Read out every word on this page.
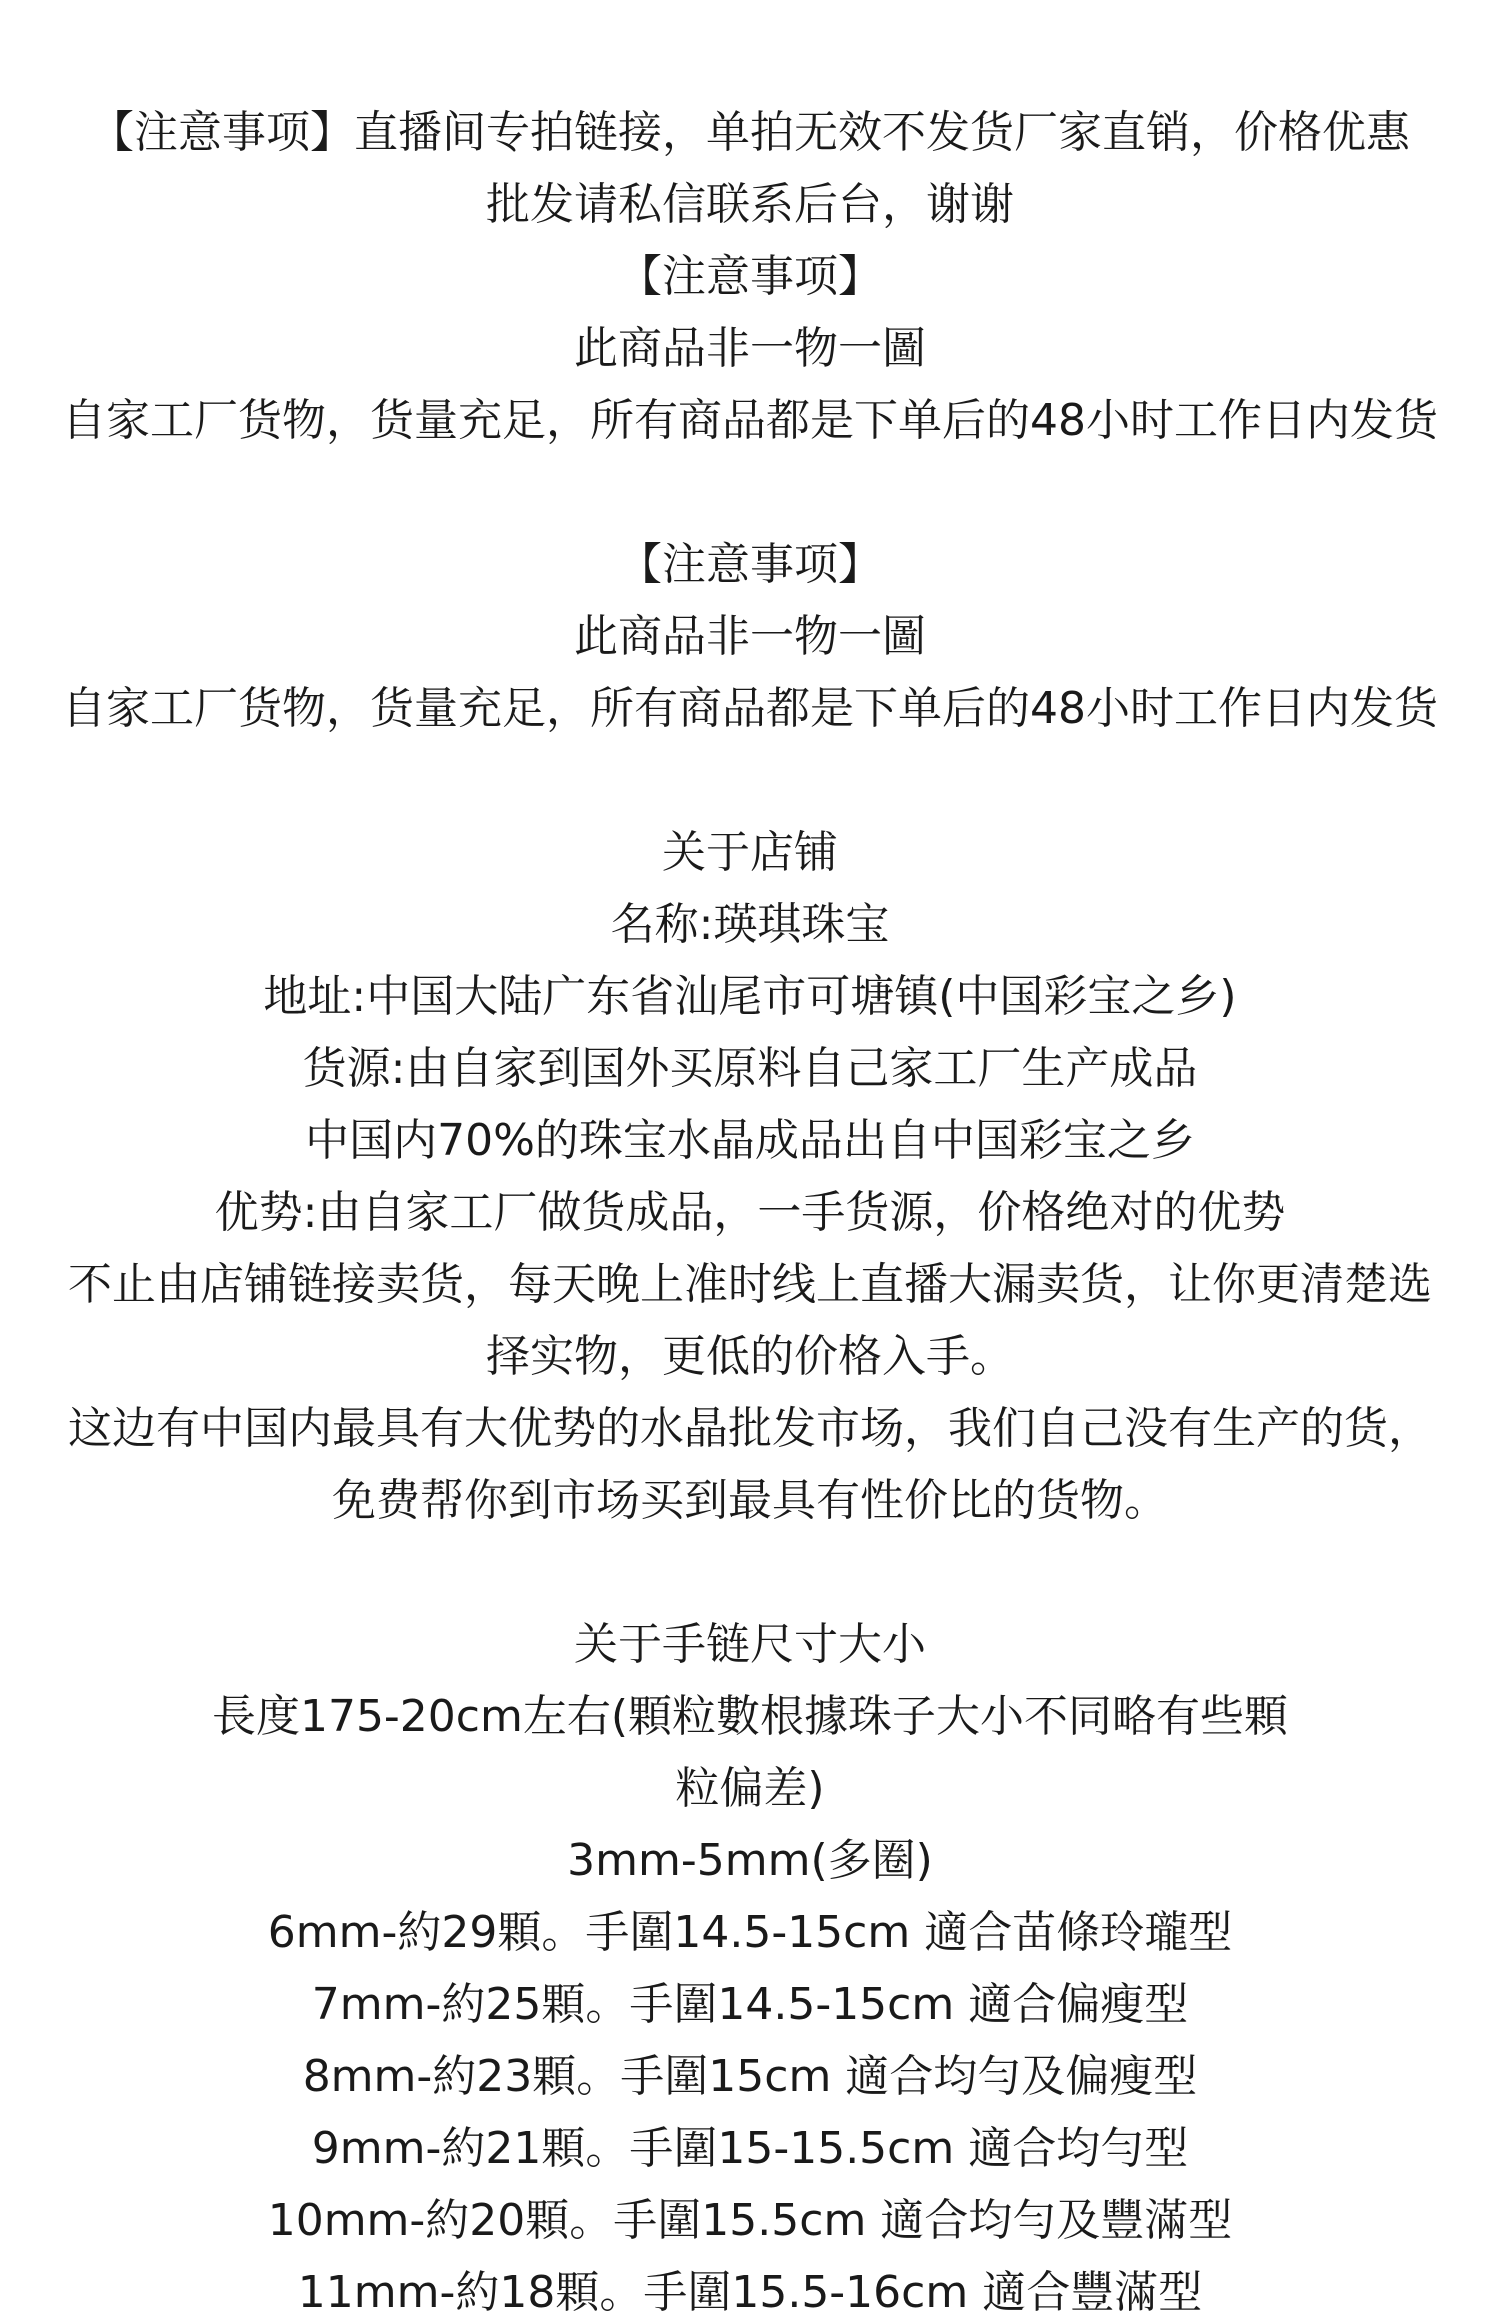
【注意事项】直播间专拍链接，单拍无效不发货厂家直销，价格优惠
批发请私信联系后台，谢谢
【注意事项】
此商品非一物一圖
自家工厂货物，货量充足，所有商品都是下单后的48小时工作日内发货
【注意事项】
此商品非一物一圖
自家工厂货物，货量充足，所有商品都是下单后的48小时工作日内发货
关于店铺
名称:瑛琪珠宝
地址:中国大陆广东省汕尾市可塘镇(中国彩宝之乡)
货源:由自家到国外买原料自己家工厂生产成品
中国内70%的珠宝水晶成品出自中国彩宝之乡
优势:由自家工厂做货成品，一手货源，价格绝对的优势
不止由店铺链接卖货，每天晚上准时线上直播大漏卖货，让你更清楚选
择实物，更低的价格入手。
这边有中国内最具有大优势的水晶批发市场，我们自己没有生产的货，
免费帮你到市场买到最具有性价比的货物。
关于手链尺寸大小
長度175-20cm左右(顆粒數根據珠子大小不同略有些顆
粒偏差)
3mm-5mm(多圈)
6mm-約29顆。手圍14.5-15cm 適合苗條玲瓏型
7mm-約25顆。手圍14.5-15cm 適合偏瘦型
8mm-約23顆。手圍15cm 適合均勻及偏瘦型
9mm-約21顆。手圍15-15.5cm 適合均勻型
10mm-約20顆。手圍15.5cm 適合均勻及豐滿型
11mm-約18顆。手圍15.5-16cm 適合豐滿型
